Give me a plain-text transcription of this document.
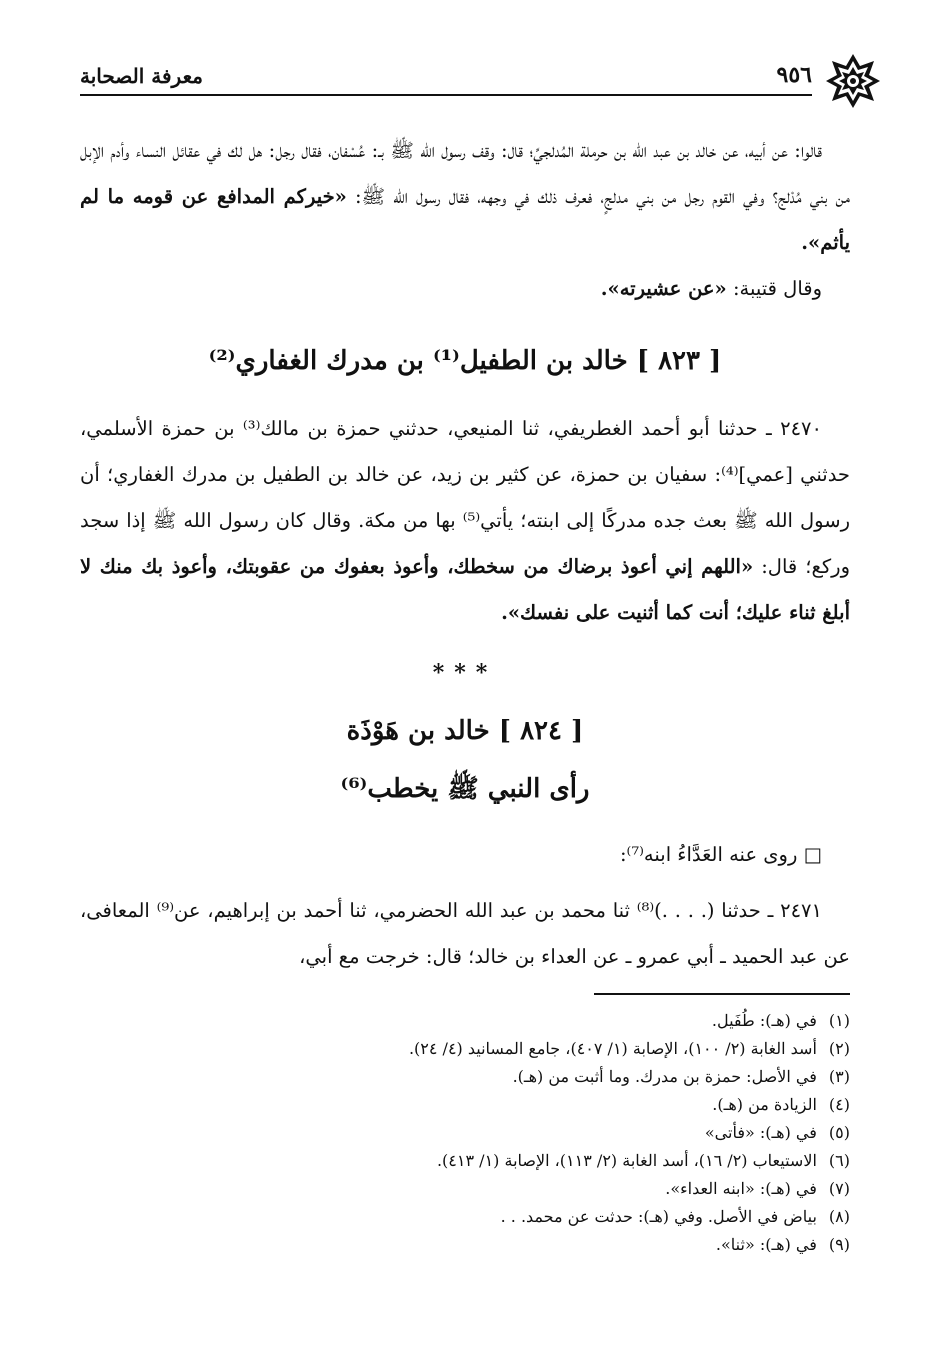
٩٥٦
معرفة الصحابة

قالوا: عن أبيه، عن خالد بن عبد الله بن حرملة المُدلجيِّ؛ قال: وقف رسول الله ﷺ بـ: عُسْفان، فقال رجل: هل لك في عقائل النساء وأدم الإبل من بني مُدْلج؟ وفي القوم رجل من بني مدلجٍ، فعرف ذلك في وجهه، فقال رسول الله ﷺ: «خيركم المدافع عن قومه ما لم يأثم».

وقال قتيبة: «عن عشيرته».

[ ٨٢٣ ] خالد بن الطفيل⁽¹⁾ بن مدرك الغفاري⁽²⁾

٢٤٧٠ ـ حدثنا أبو أحمد الغطريفي، ثنا المنيعي، حدثني حمزة بن مالك⁽³⁾ بن حمزة الأسلمي، حدثني [عمي]⁽⁴⁾: سفيان بن حمزة، عن كثير بن زيد، عن خالد بن الطفيل بن مدرك الغفاري؛ أن رسول الله ﷺ بعث جده مدركًا إلى ابنته؛ يأتي⁽⁵⁾ بها من مكة. وقال كان رسول الله ﷺ إذا سجد وركع؛ قال: «اللهم إني أعوذ برضاك من سخطك، وأعوذ بعفوك من عقوبتك، وأعوذ بك منك لا أبلغ ثناء عليك؛ أنت كما أثنيت على نفسك».

***
[ ٨٢٤ ] خالد بن هَوْذَة
رأى النبي ﷺ يخطب⁽⁶⁾

□ روى عنه العَدَّاءُ ابنه⁽⁷⁾:

٢٤٧١ ـ حدثنا (. . . .)⁽⁸⁾ ثنا محمد بن عبد الله الحضرمي، ثنا أحمد بن إبراهيم، عن⁽⁹⁾ المعافى، عن عبد الحميد ـ أبي عمرو ـ عن العداء بن خالد؛ قال: خرجت مع أبي،

(١) في (هـ): طُفَيل.

(٢) أسد الغابة (٢/ ١٠٠)، الإصابة (١/ ٤٠٧)، جامع المسانيد (٤/ ٢٤).

(٣) في الأصل: حمزة بن مدرك. وما أثبت من (هـ).

(٤) الزيادة من (هـ).

(٥) في (هـ): «فأتى»

(٦) الاستيعاب (٢/ ١٦)، أسد الغابة (٢/ ١١٣)، الإصابة (١/ ٤١٣).

(٧) في (هـ): «ابنه العداء».

(٨) بياض في الأصل. وفي (هـ): حدثت عن محمد. . .

(٩) في (هـ): «ثنا».
